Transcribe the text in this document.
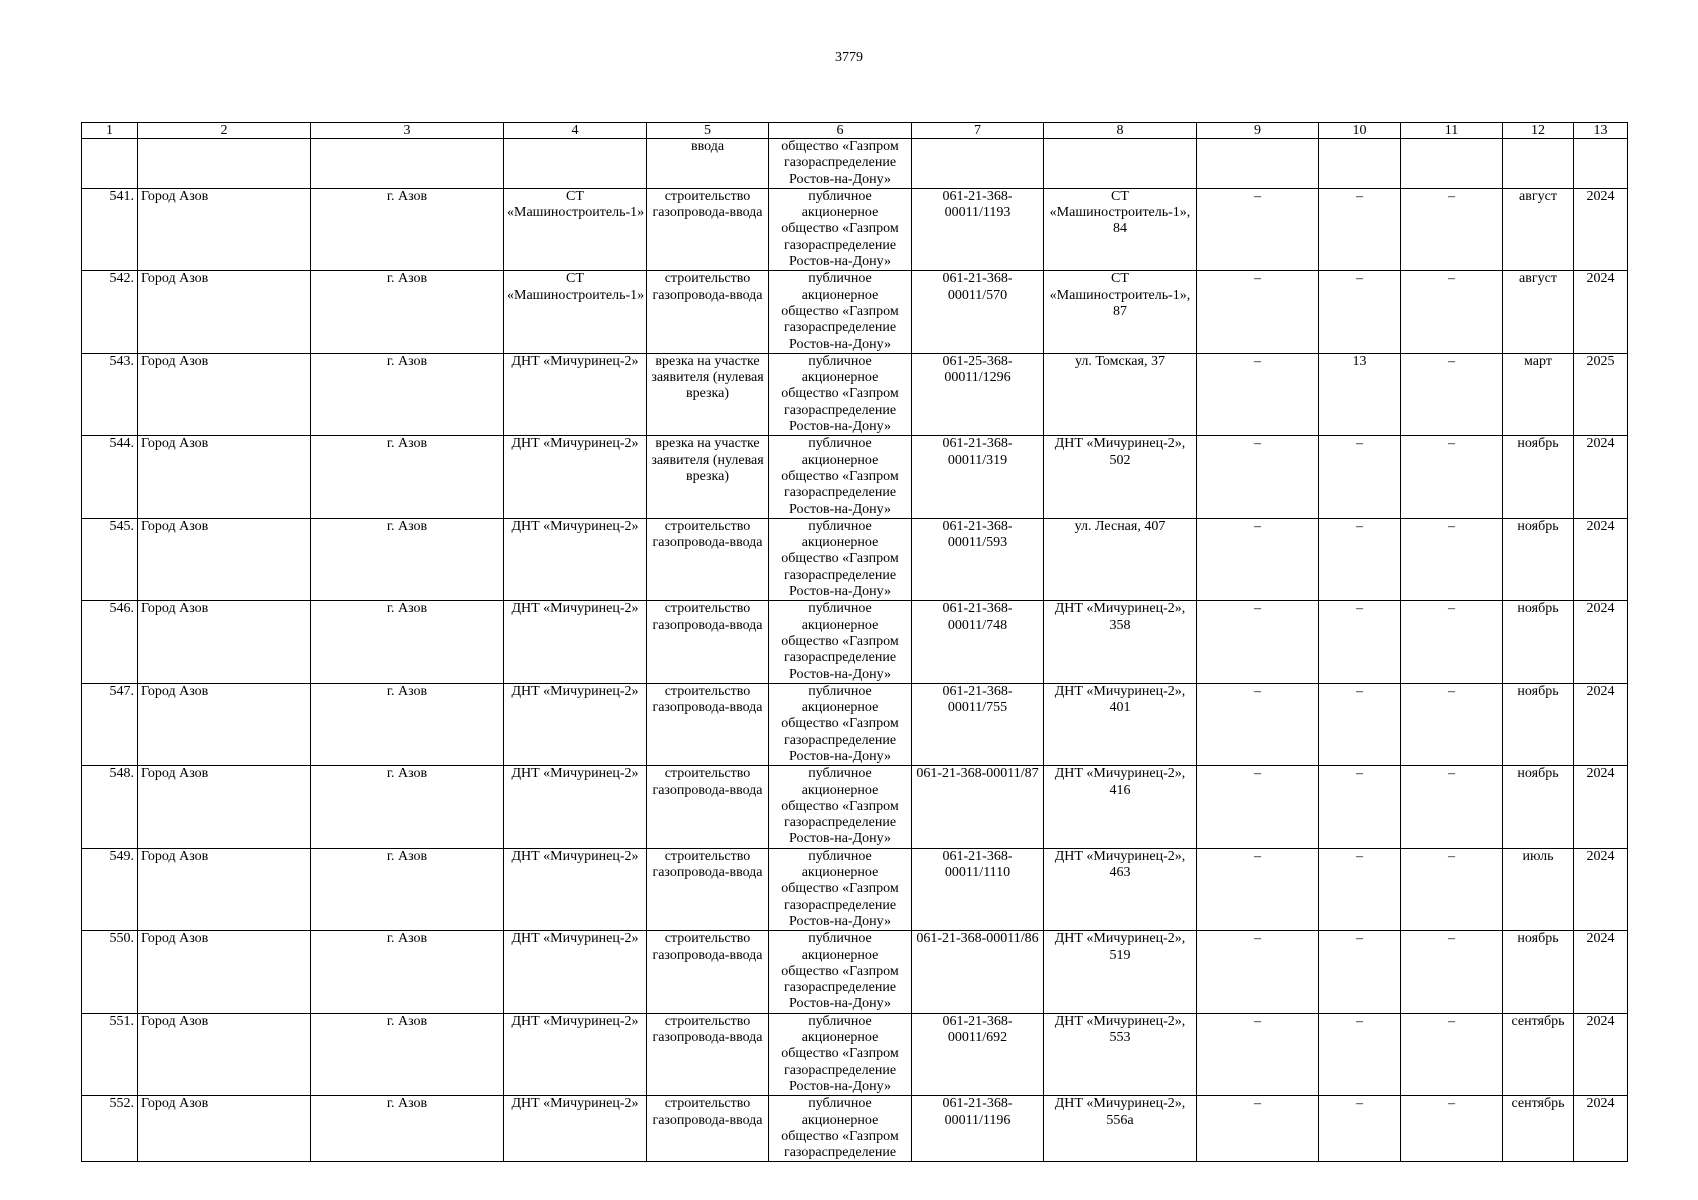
3779
1	2	3	4	5	6	7	8	9	10	11	12	13
				ввода	общество «Газпром газораспределение Ростов-на-Дону»							
541.	Город Азов	г. Азов	СТ «Машиностроитель-1»	строительство газопровода-ввода	публичное акционерное общество «Газпром газораспределение Ростов-на-Дону»	061-21-368-00011/1193	СТ «Машиностроитель-1», 84	–	–	–	август	2024
542.	Город Азов	г. Азов	СТ «Машиностроитель-1»	строительство газопровода-ввода	публичное акционерное общество «Газпром газораспределение Ростов-на-Дону»	061-21-368-00011/570	СТ «Машиностроитель-1», 87	–	–	–	август	2024
543.	Город Азов	г. Азов	ДНТ «Мичуринец-2»	врезка на участке заявителя (нулевая врезка)	публичное акционерное общество «Газпром газораспределение Ростов-на-Дону»	061-25-368-00011/1296	ул. Томская, 37	–	13	–	март	2025
544.	Город Азов	г. Азов	ДНТ «Мичуринец-2»	врезка на участке заявителя (нулевая врезка)	публичное акционерное общество «Газпром газораспределение Ростов-на-Дону»	061-21-368-00011/319	ДНТ «Мичуринец-2», 502	–	–	–	ноябрь	2024
545.	Город Азов	г. Азов	ДНТ «Мичуринец-2»	строительство газопровода-ввода	публичное акционерное общество «Газпром газораспределение Ростов-на-Дону»	061-21-368-00011/593	ул. Лесная, 407	–	–	–	ноябрь	2024
546.	Город Азов	г. Азов	ДНТ «Мичуринец-2»	строительство газопровода-ввода	публичное акционерное общество «Газпром газораспределение Ростов-на-Дону»	061-21-368-00011/748	ДНТ «Мичуринец-2», 358	–	–	–	ноябрь	2024
547.	Город Азов	г. Азов	ДНТ «Мичуринец-2»	строительство газопровода-ввода	публичное акционерное общество «Газпром газораспределение Ростов-на-Дону»	061-21-368-00011/755	ДНТ «Мичуринец-2», 401	–	–	–	ноябрь	2024
548.	Город Азов	г. Азов	ДНТ «Мичуринец-2»	строительство газопровода-ввода	публичное акционерное общество «Газпром газораспределение Ростов-на-Дону»	061-21-368-00011/87	ДНТ «Мичуринец-2», 416	–	–	–	ноябрь	2024
549.	Город Азов	г. Азов	ДНТ «Мичуринец-2»	строительство газопровода-ввода	публичное акционерное общество «Газпром газораспределение Ростов-на-Дону»	061-21-368-00011/1110	ДНТ «Мичуринец-2», 463	–	–	–	июль	2024
550.	Город Азов	г. Азов	ДНТ «Мичуринец-2»	строительство газопровода-ввода	публичное акционерное общество «Газпром газораспределение Ростов-на-Дону»	061-21-368-00011/86	ДНТ «Мичуринец-2», 519	–	–	–	ноябрь	2024
551.	Город Азов	г. Азов	ДНТ «Мичуринец-2»	строительство газопровода-ввода	публичное акционерное общество «Газпром газораспределение Ростов-на-Дону»	061-21-368-00011/692	ДНТ «Мичуринец-2», 553	–	–	–	сентябрь	2024
552.	Город Азов	г. Азов	ДНТ «Мичуринец-2»	строительство газопровода-ввода	публичное акционерное общество «Газпром газораспределение	061-21-368-00011/1196	ДНТ «Мичуринец-2», 556а	–	–	–	сентябрь	2024
